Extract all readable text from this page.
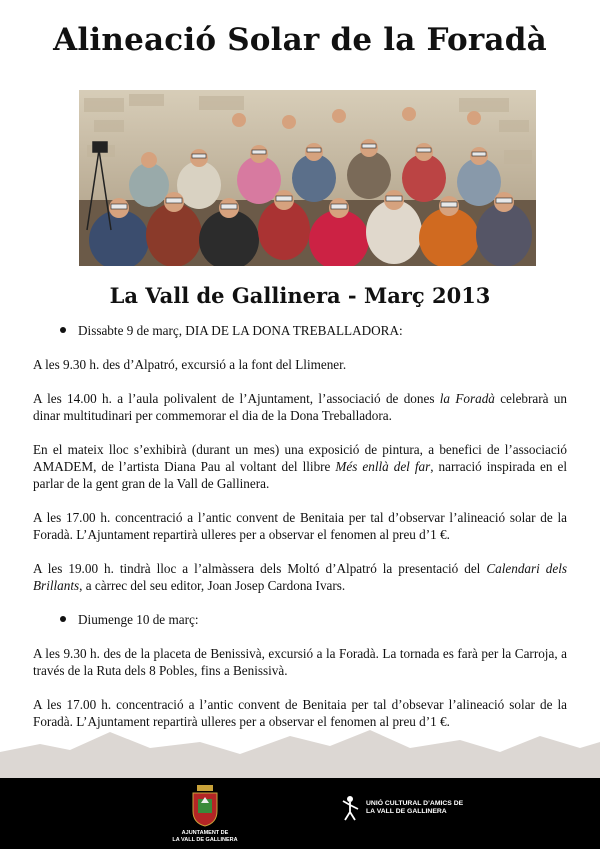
Alineació Solar de la Foradà
La Vall de Gallinera - Març 2013
Dissabte 9 de març, DIA DE LA DONA TREBALLADORA:

A les 9.30 h. des d’Alpatró, excursió a la font del Llimener.

A les 14.00 h. a l’aula polivalent de l’Ajuntament, l’associació de dones la Foradà celebrarà un dinar multitudinari per commemorar el dia de la Dona Treballadora.

En el mateix lloc s’exhibirà (durant un mes) una exposició de pintura, a benefici de l’associació AMADEM, de l’artista Diana Pau al voltant del llibre Més enllà del far, narració inspirada en el parlar de la gent gran de la Vall de Gallinera.

A les 17.00 h. concentració a l’antic convent de Benitaia per tal d’observar l’alineació solar de la Foradà. L’Ajuntament repartirà ulleres per a observar el fenomen al preu d’1 €.

A les 19.00 h. tindrà lloc a l’almàssera dels Moltó d’Alpatró la presentació del Calendari dels Brillants, a càrrec del seu editor, Joan Josep Cardona Ivars.

Diumenge 10 de març:

A les 9.30 h. des de la placeta de Benissivà, excursió a la Foradà. La tornada es farà per la Carroja, a través de la Ruta dels 8 Pobles, fins a Benissivà.

A les 17.00 h. concentració a l’antic convent de Benitaia per tal d’obsevar l’alineació solar de la Foradà. L’Ajuntament repartirà ulleres per a observar el fenomen al preu d’1 €.

AJUNTAMENT DE
LA VALL DE GALLINERA
UNIÓ CULTURAL D’AMICS DE
LA VALL DE GALLINERA
